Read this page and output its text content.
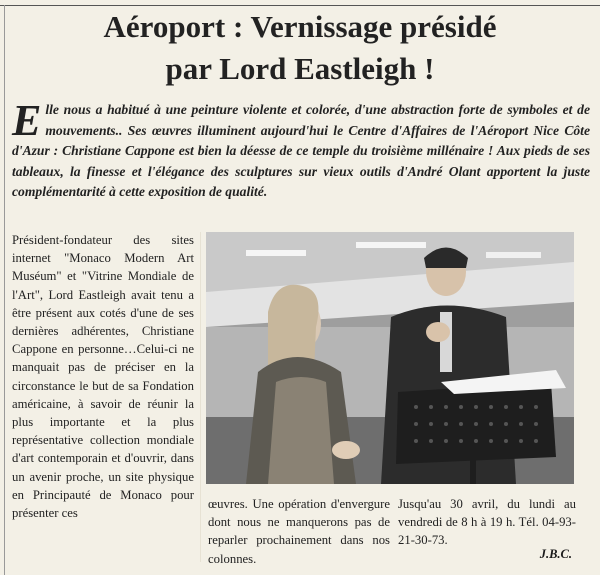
Aéroport : Vernissage présidé
par Lord Eastleigh !
E lle nous a habitué à une peinture violente et colorée, d'une abstraction forte de symboles et de mouvements.. Ses œuvres illuminent aujourd'hui le Centre d'Affaires de l'Aéroport Nice Côte d'Azur : Christiane Cappone est bien la déesse de ce temple du troisième millénaire ! Aux pieds de ses tableaux, la finesse et l'élégance des sculptures sur vieux outils d'André Olant apportent la juste complémentarité à cette exposition de qualité.
Président-fondateur des sites internet "Monaco Modern Art Muséum" et "Vitrine Mondiale de l'Art", Lord Eastleigh avait tenu a être présent aux cotés d'une de ses dernières adhérentes, Christiane Cappone en personne…Celui-ci ne manquait pas de préciser en la circonstance le but de sa Fondation américaine, à savoir de réunir la plus importante et la plus représentative collection mondiale d'art contemporain et d'ouvrir, dans un avenir proche, un site physique en Principauté de Monaco pour présenter ces
œuvres. Une opération d'envergure dont nous ne manquerons pas de reparler prochainement dans nos colonnes.
Jusqu'au 30 avril, du lundi au vendredi de 8 h à 19 h. Tél. 04-93-21-30-73.
J.B.C.
